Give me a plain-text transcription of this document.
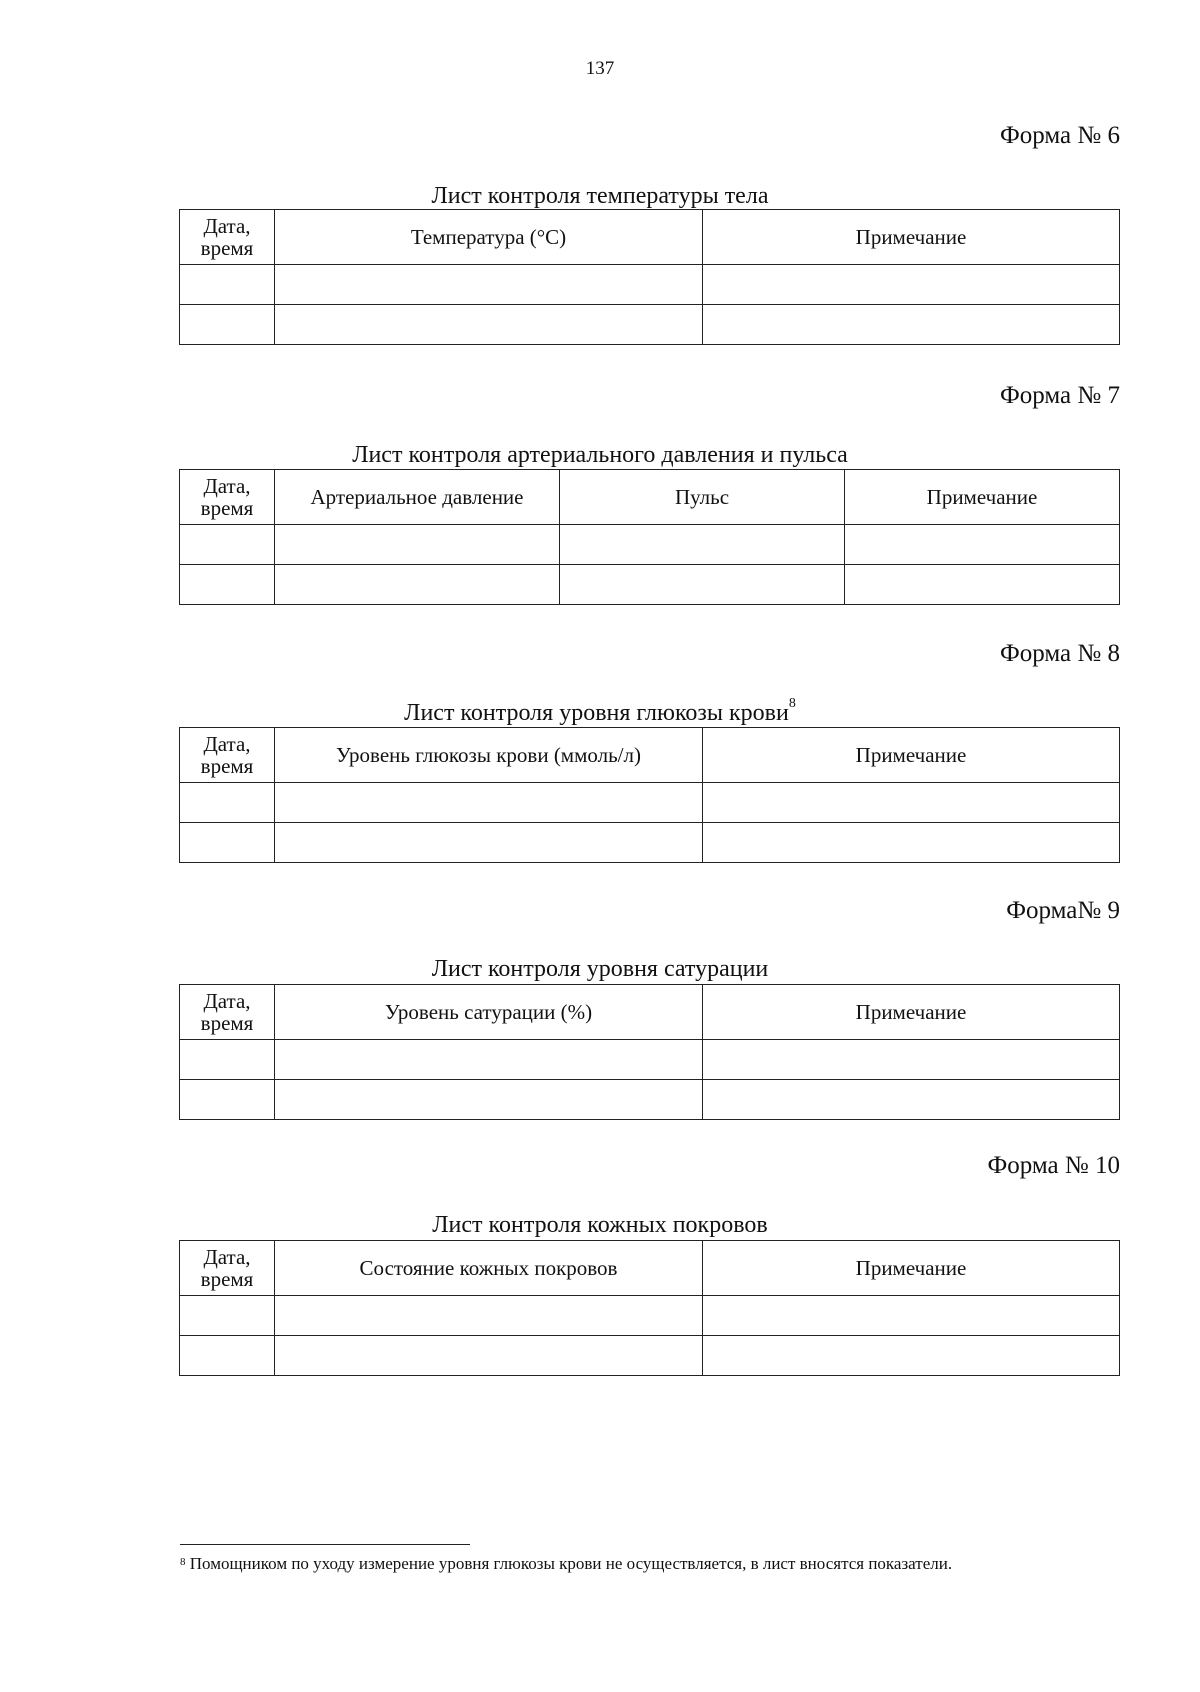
137
Форма № 6
Лист контроля температуры тела
Дата, время	Температура (°C)	Примечание

Форма № 7
Лист контроля артериального давления и пульса
Дата, время	Артериальное давление	Пульс	Примечание

Форма № 8
Лист контроля уровня глюкозы крови$^8$
Дата, время	Уровень глюкозы крови (ммоль/л)	Примечание

Форма№ 9
Лист контроля уровня сатурации
Дата, время	Уровень сатурации (%)	Примечание

Форма № 10
Лист контроля кожных покровов
Дата, время	Состояние кожных покровов	Примечание

$^8$ Помощником по уходу измерение уровня глюкозы крови не осуществляется, в лист вносятся показатели.
